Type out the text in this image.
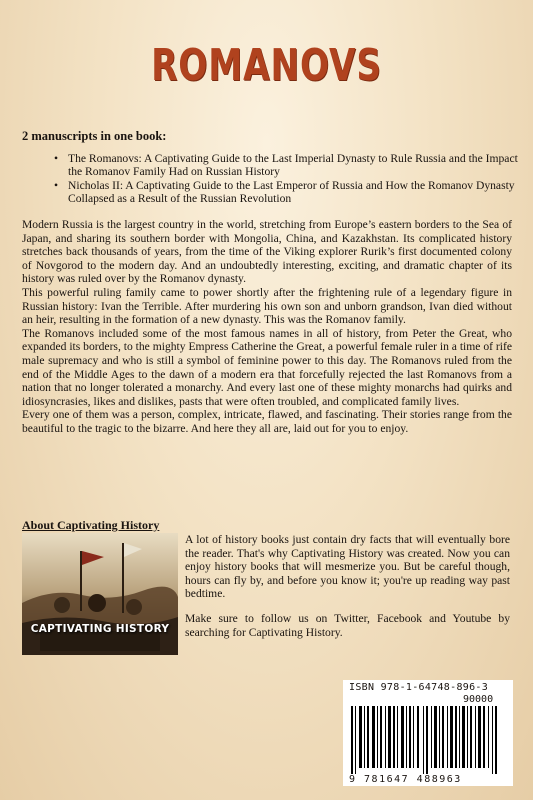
ROMANOVS
2 manuscripts in one book:
• The Romanovs: A Captivating Guide to the Last Imperial Dynasty to Rule Russia and the Impact the Romanov Family Had on Russian History
• Nicholas II: A Captivating Guide to the Last Emperor of Russia and How the Romanov Dynasty Collapsed as a Result of the Russian Revolution

Modern Russia is the largest country in the world, stretching from Europe’s eastern borders to the Sea of Japan, and sharing its southern border with Mongolia, China, and Kazakhstan. Its complicated history stretches back thousands of years, from the time of the Viking explorer Rurik’s first documented colony of Novgorod to the modern day. And an undoubtedly interesting, exciting, and dramatic chapter of its history was ruled over by the Romanov dynasty.

This powerful ruling family came to power shortly after the frightening rule of a legendary figure in Russian history: Ivan the Terrible. After murdering his own son and unborn grandson, Ivan died without an heir, resulting in the formation of a new dynasty. This was the Romanov family.

The Romanovs included some of the most famous names in all of history, from Peter the Great, who expanded its borders, to the mighty Empress Catherine the Great, a powerful female ruler in a time of rife male supremacy and who is still a symbol of feminine power to this day. The Romanovs ruled from the end of the Middle Ages to the dawn of a modern era that forcefully rejected the last Romanovs from a nation that no longer tolerated a monarchy. And every last one of these mighty monarchs had quirks and idiosyncrasies, likes and dislikes, pasts that were often troubled, and complicated family lives.

Every one of them was a person, complex, intricate, flawed, and fascinating. Their stories range from the beautiful to the tragic to the bizarre. And here they all are, laid out for you to enjoy.

About Captivating History
CAPTIVATING HISTORY

A lot of history books just contain dry facts that will eventually bore the reader. That's why Captivating History was created. Now you can enjoy history books that will mesmerize you. But be careful though, hours can fly by, and before you know it; you're up reading way past bedtime.

Make sure to follow us on Twitter, Facebook and Youtube by searching for Captivating History.

ISBN 978-1-64748-896-3
90000
9 781647 488963
